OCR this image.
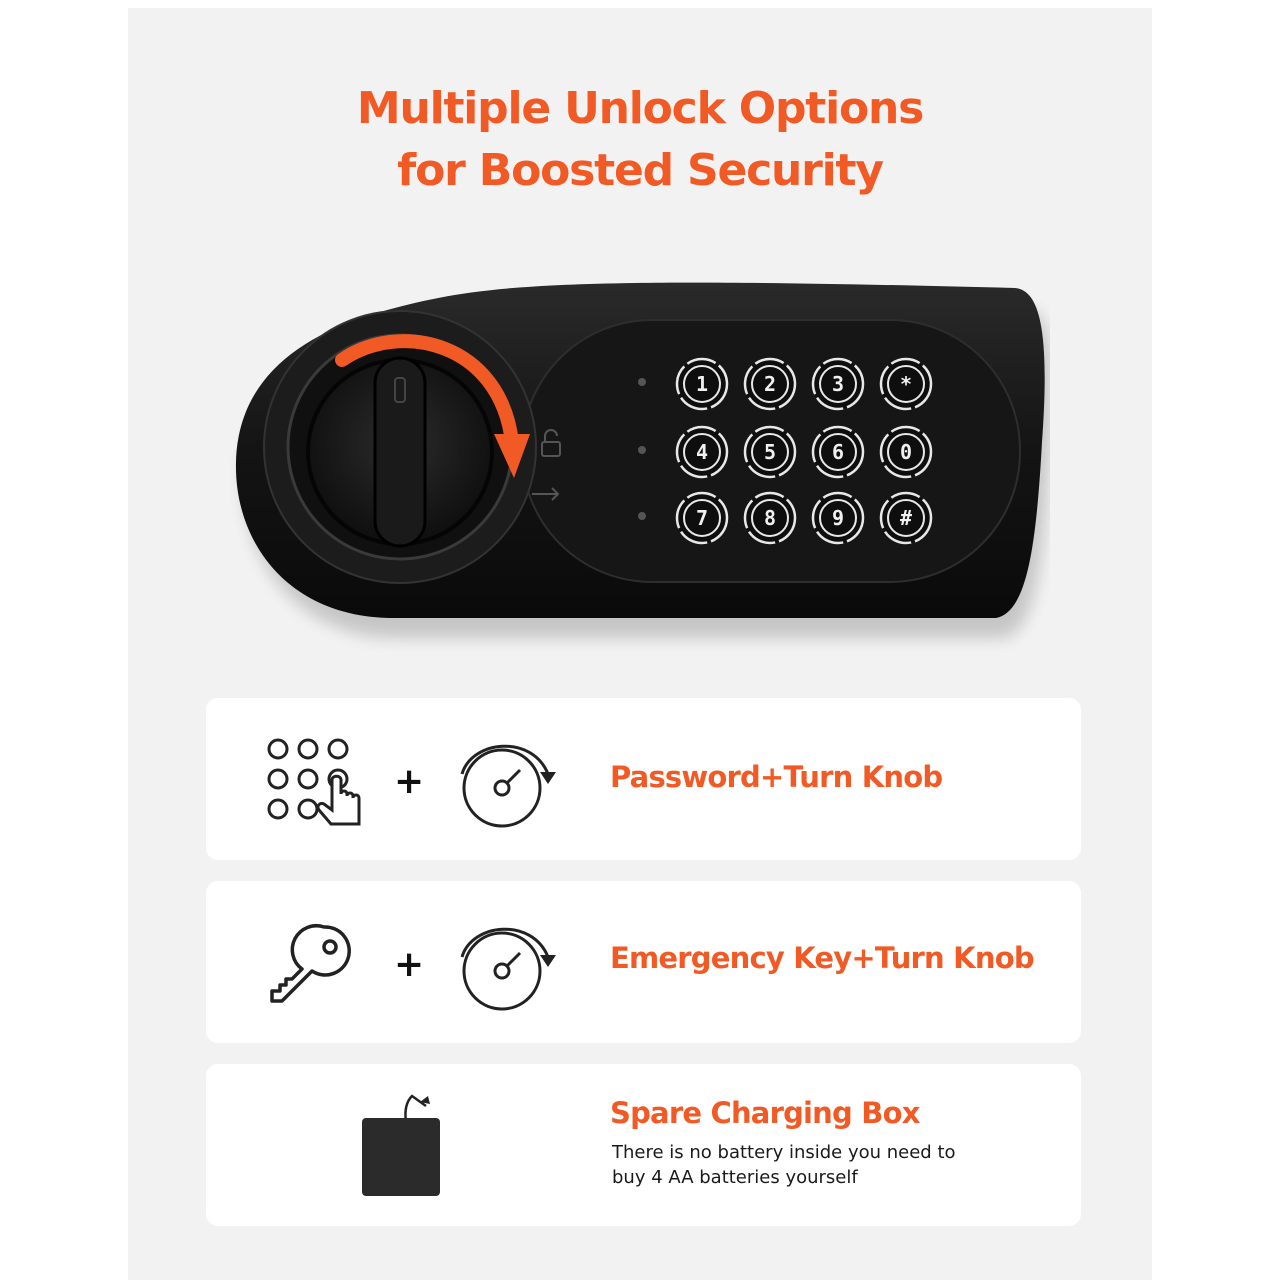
Multiple Unlock Options
for Boosted Security
1	2	3	*
4	5	6	0
7	8	9	#
+	Password+Turn Knob
+	Emergency Key+Turn Knob
Spare Charging Box
There is no battery inside you need to
buy 4 AA batteries yourself
